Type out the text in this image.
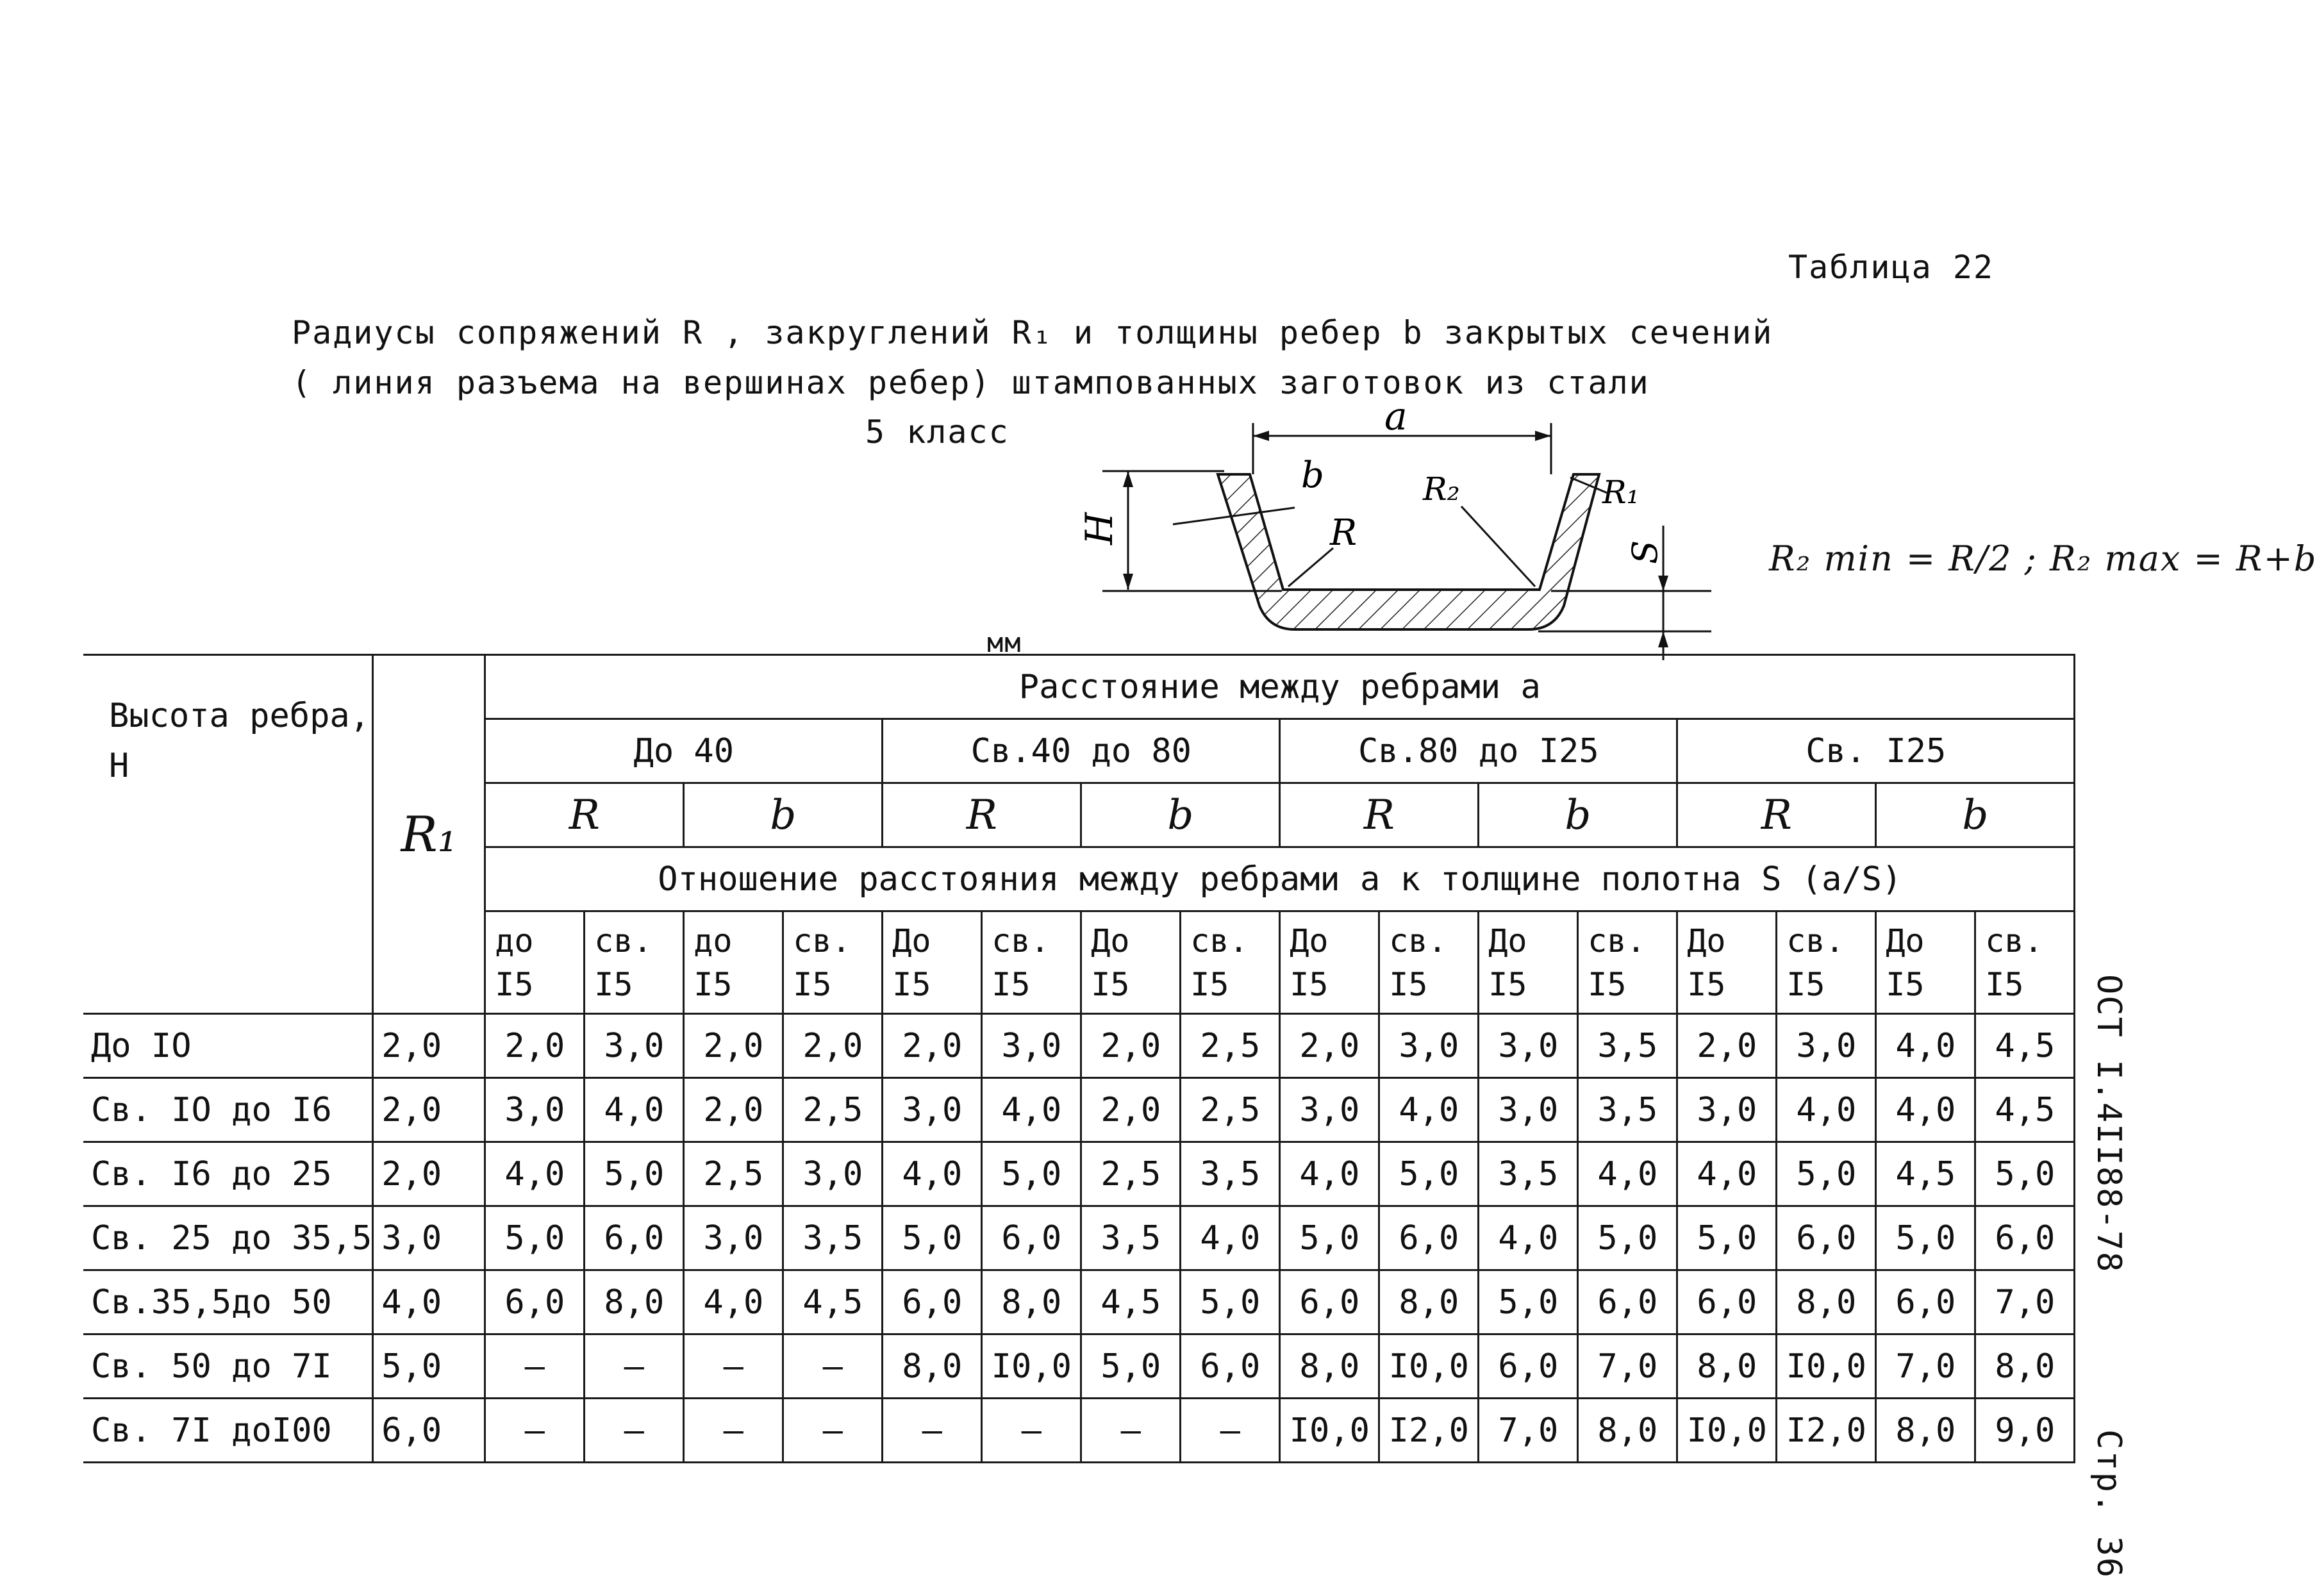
Таблица 22
Радиусы сопряжений R , закруглений R₁ и толщины ребер b закрытых сечений
( линия разъема на вершинах ребер) штампованных заготовок из стали
5 класс
мм
a
H
S
b
R
R₂	R₁
R₂ min = R/2 ; R₂ max = R+b
ОСТ I.4II88-78
Стр. 36
Высота ребра, Н	R₁	Расстояние между ребрами a															
		До 40				Св.40 до 80				Св.80 до I25				Св. I25			
		R		b		R		b		R		b		R		b	
		Отношение расстояния между ребрами a к толщине полотна S (a/S)															
		до I5	св. I5	до I5	св. I5	До I5	св. I5	До I5	св. I5	До I5	св. I5	До I5	св. I5	До I5	св. I5	До I5	св. I5
До IO	2,0	2,0	3,0	2,0	2,0	2,0	3,0	2,0	2,5	2,0	3,0	3,0	3,5	2,0	3,0	4,0	4,5
Св. IO до I6	2,0	3,0	4,0	2,0	2,5	3,0	4,0	2,0	2,5	3,0	4,0	3,0	3,5	3,0	4,0	4,0	4,5
Св. I6 до 25	2,0	4,0	5,0	2,5	3,0	4,0	5,0	2,5	3,5	4,0	5,0	3,5	4,0	4,0	5,0	4,5	5,0
Св. 25 до 35,5	3,0	5,0	6,0	3,0	3,5	5,0	6,0	3,5	4,0	5,0	6,0	4,0	5,0	5,0	6,0	5,0	6,0
Св.35,5до 50	4,0	6,0	8,0	4,0	4,5	6,0	8,0	4,5	5,0	6,0	8,0	5,0	6,0	6,0	8,0	6,0	7,0
Св. 50 до 7I	5,0	–	–	–	–	8,0	I0,0	5,0	6,0	8,0	I0,0	6,0	7,0	8,0	I0,0	7,0	8,0
Св. 7I доI00	6,0	–	–	–	–	–	–	–	–	I0,0	I2,0	7,0	8,0	I0,0	I2,0	8,0	9,0
